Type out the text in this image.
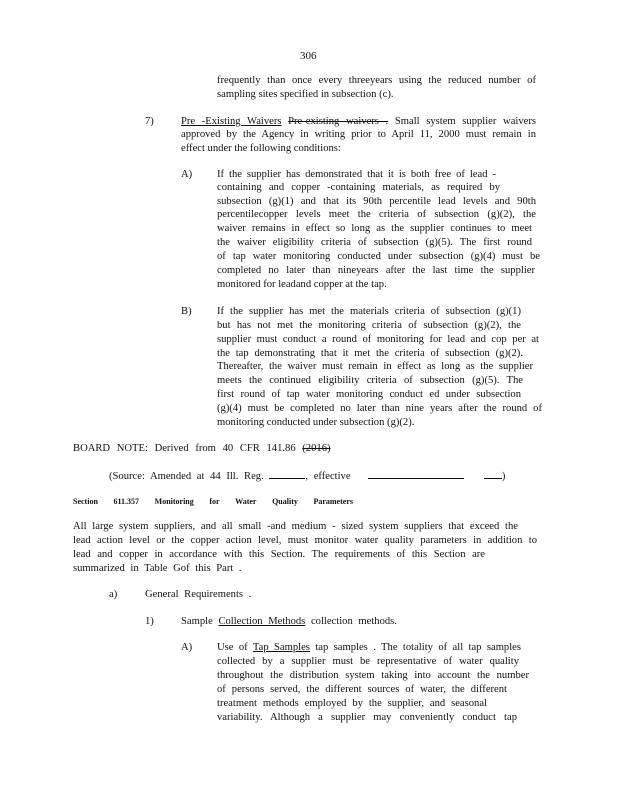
306
frequently than once every threeyears using the reduced number of
sampling sites specified in subsection (c).
7)	Pre -Existing Waivers Pre-existing waivers . Small system supplier waivers
approved by the Agency in writing prior to April 11, 2000 must remain in
effect under the following conditions:
A) If the supplier has demonstrated that it is both free of lead -
containing and copper -containing materials, as required by
subsection (g)(1) and that its 90th percentile lead levels and 90th
percentilecopper levels meet the criteria of subsection (g)(2), the
waiver remains in effect so long as the supplier continues to meet
the waiver eligibility criteria of subsection (g)(5). The first round
of tap water monitoring conducted under subsection (g)(4) must be
completed no later than nineyears after the last time the supplier
monitored for leadand copper at the tap.
B) If the supplier has met the materials criteria of subsection (g)(1)
but has not met the monitoring criteria of subsection (g)(2), the
supplier must conduct a round of monitoring for lead and cop per at
the tap demonstrating that it met the criteria of subsection (g)(2).
Thereafter, the waiver must remain in effect as long as the supplier
meets the continued eligibility criteria of subsection (g)(5). The
first round of tap water monitoring conduct ed under subsection
(g)(4) must be completed no later than nine years after the round of
monitoring conducted under subsection (g)(2).
BOARD NOTE: Derived from 40 CFR 141.86 (2016)
(Source: Amended at 44 Ill. Reg.	, effective	)
Section 611.357 Monitoring for Water Quality Parameters
All large system suppliers, and all small -and medium - sized system suppliers that exceed the
lead action level or the copper action level, must monitor water quality parameters in addition to
lead and copper in accordance with this Section. The requirements of this Section are
summarized in Table Gof this Part .
a)	General Requirements .
1)	Sample Collection Methods collection methods.
A) Use of Tap Samples tap samples . The totality of all tap samples
collected by a supplier must be representative of water quality
throughout the distribution system taking into account the number
of persons served, the different sources of water, the different
treatment methods employed by the supplier, and seasonal
variability. Although a supplier may conveniently conduct tap
